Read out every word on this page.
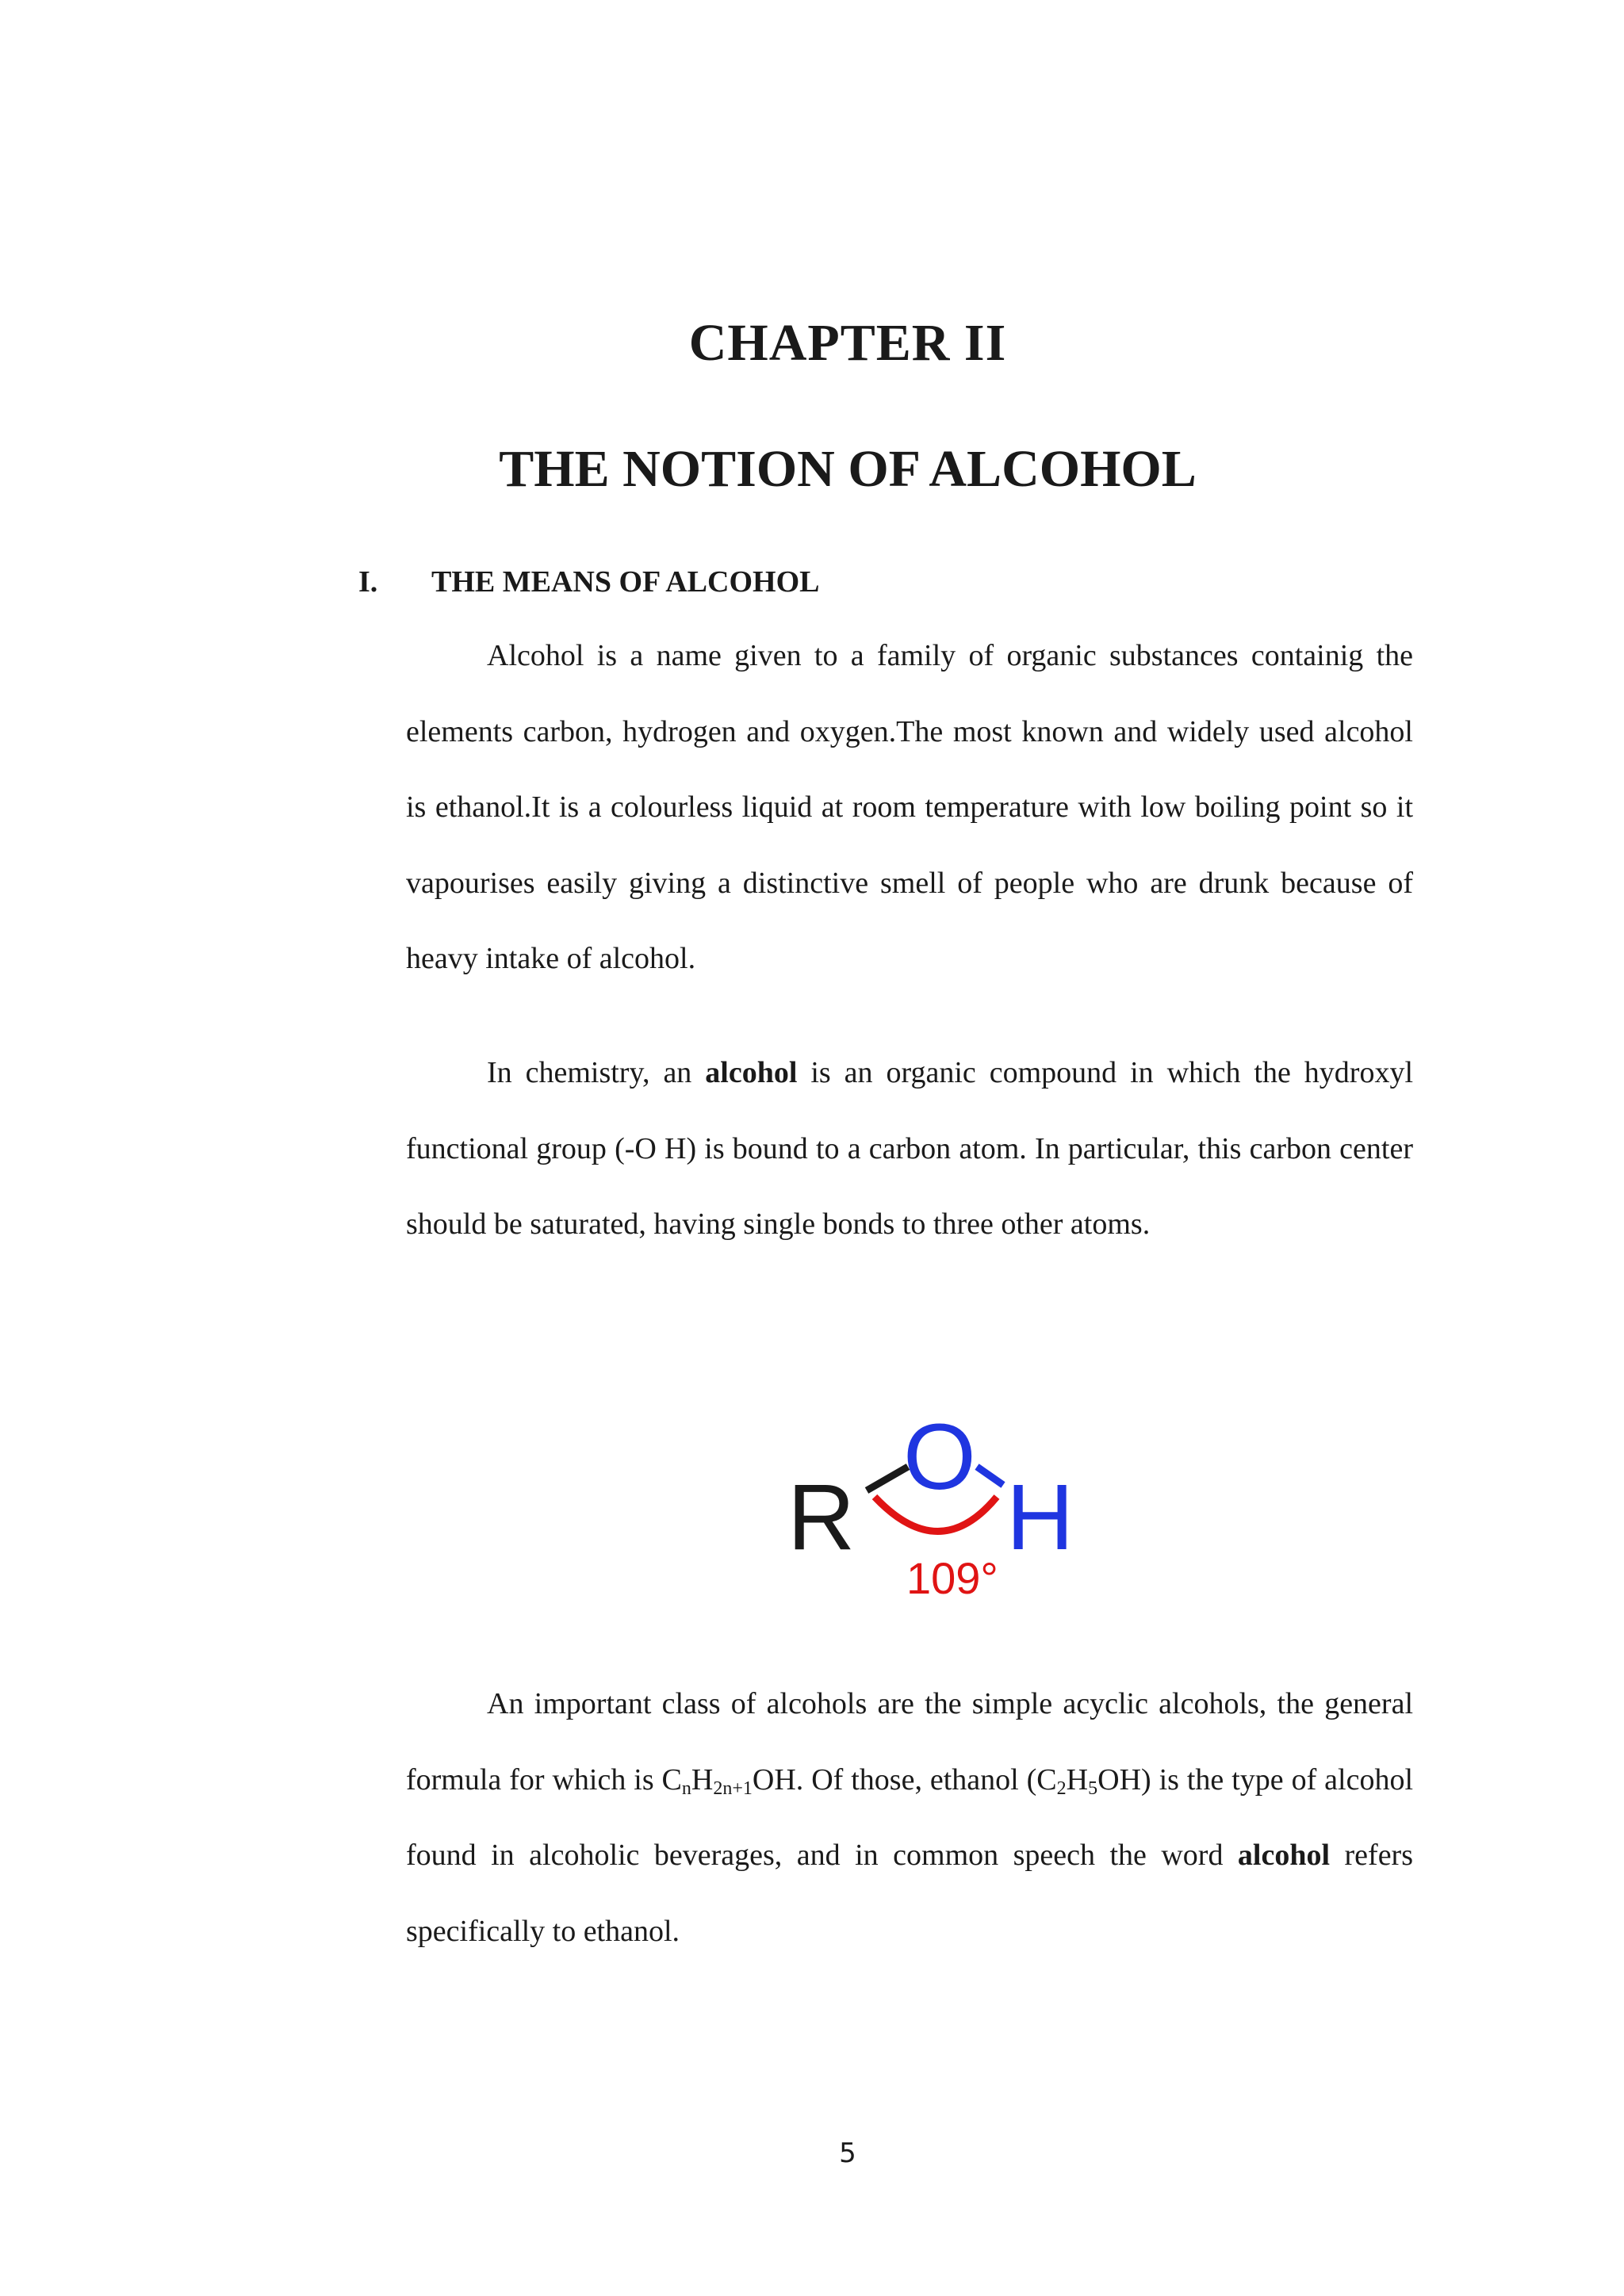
CHAPTER II
THE NOTION OF ALCOHOL
I. THE MEANS OF ALCOHOL

Alcohol is a name given to a family of organic substances containig the elements carbon, hydrogen and oxygen.The most known and widely used alcohol is ethanol.It is a colourless liquid at room temperature with low boiling point so it vapourises easily giving a distinctive smell of people who are drunk because of heavy intake of alcohol.

In chemistry, an alcohol is an organic compound in which the hydroxyl functional group (-O H) is bound to a carbon atom. In particular, this carbon center should be saturated, having single bonds to three other atoms.

R
O
H
109°

An important class of alcohols are the simple acyclic alcohols, the general formula for which is $C_nH_{2n+1}OH$. Of those, ethanol $(C_2H_5OH)$ is the type of alcohol found in alcoholic beverages, and in common speech the word alcohol refers specifically to ethanol.

5
